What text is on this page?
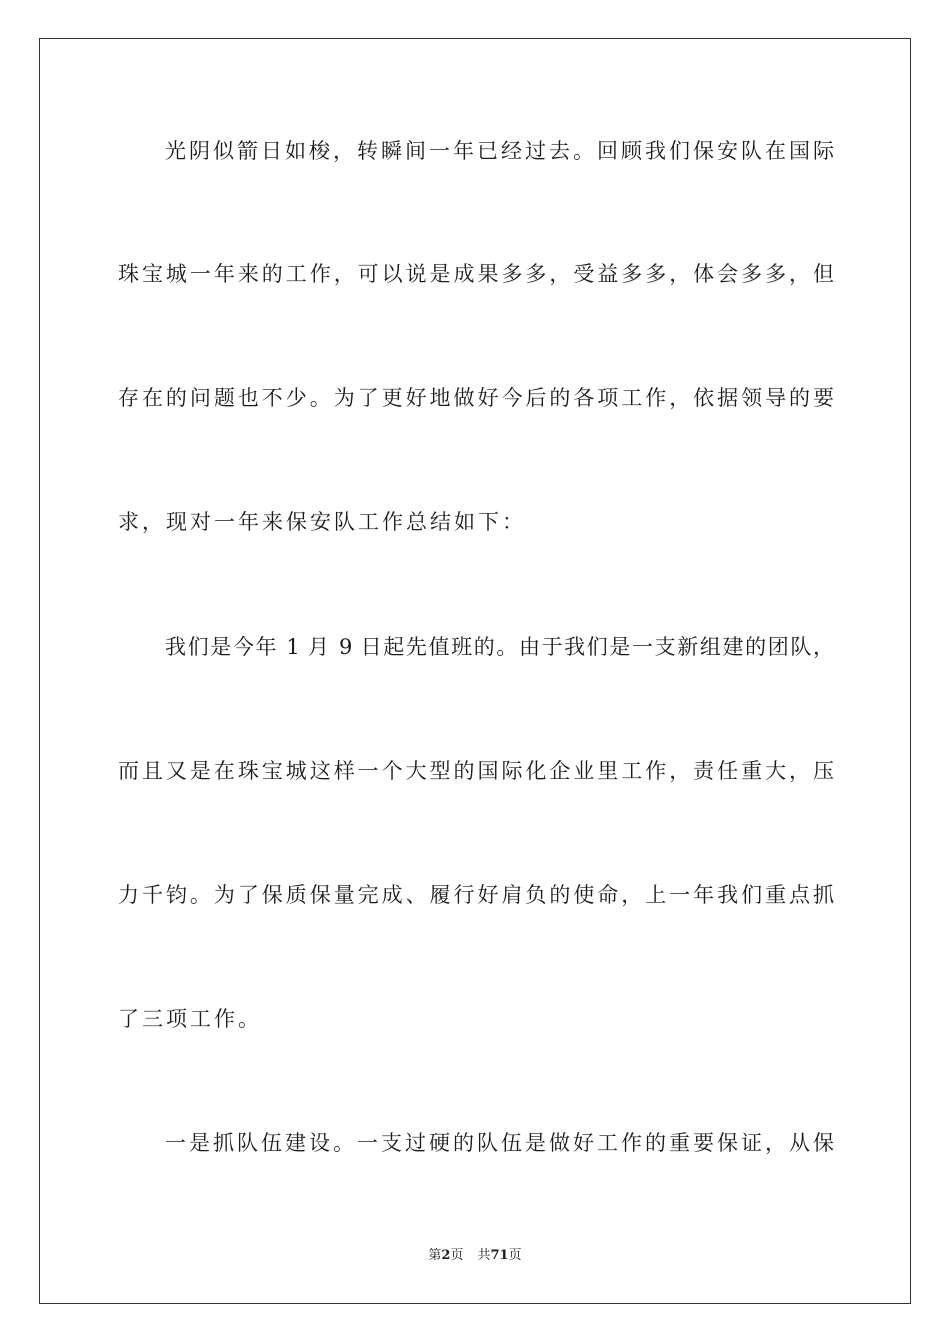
光阴似箭日如梭，转瞬间一年已经过去。回顾我们保安队在国际
珠宝城一年来的工作，可以说是成果多多，受益多多，体会多多，但
存在的问题也不少。为了更好地做好今后的各项工作，依据领导的要
求，现对一年来保安队工作总结如下：
我们是今年 1 月 9 日起先值班的。由于我们是一支新组建的团队，
而且又是在珠宝城这样一个大型的国际化企业里工作，责任重大，压
力千钧。为了保质保量完成、履行好肩负的使命，上一年我们重点抓
了三项工作。
一是抓队伍建设。一支过硬的队伍是做好工作的重要保证，从保
第2页 共71页
